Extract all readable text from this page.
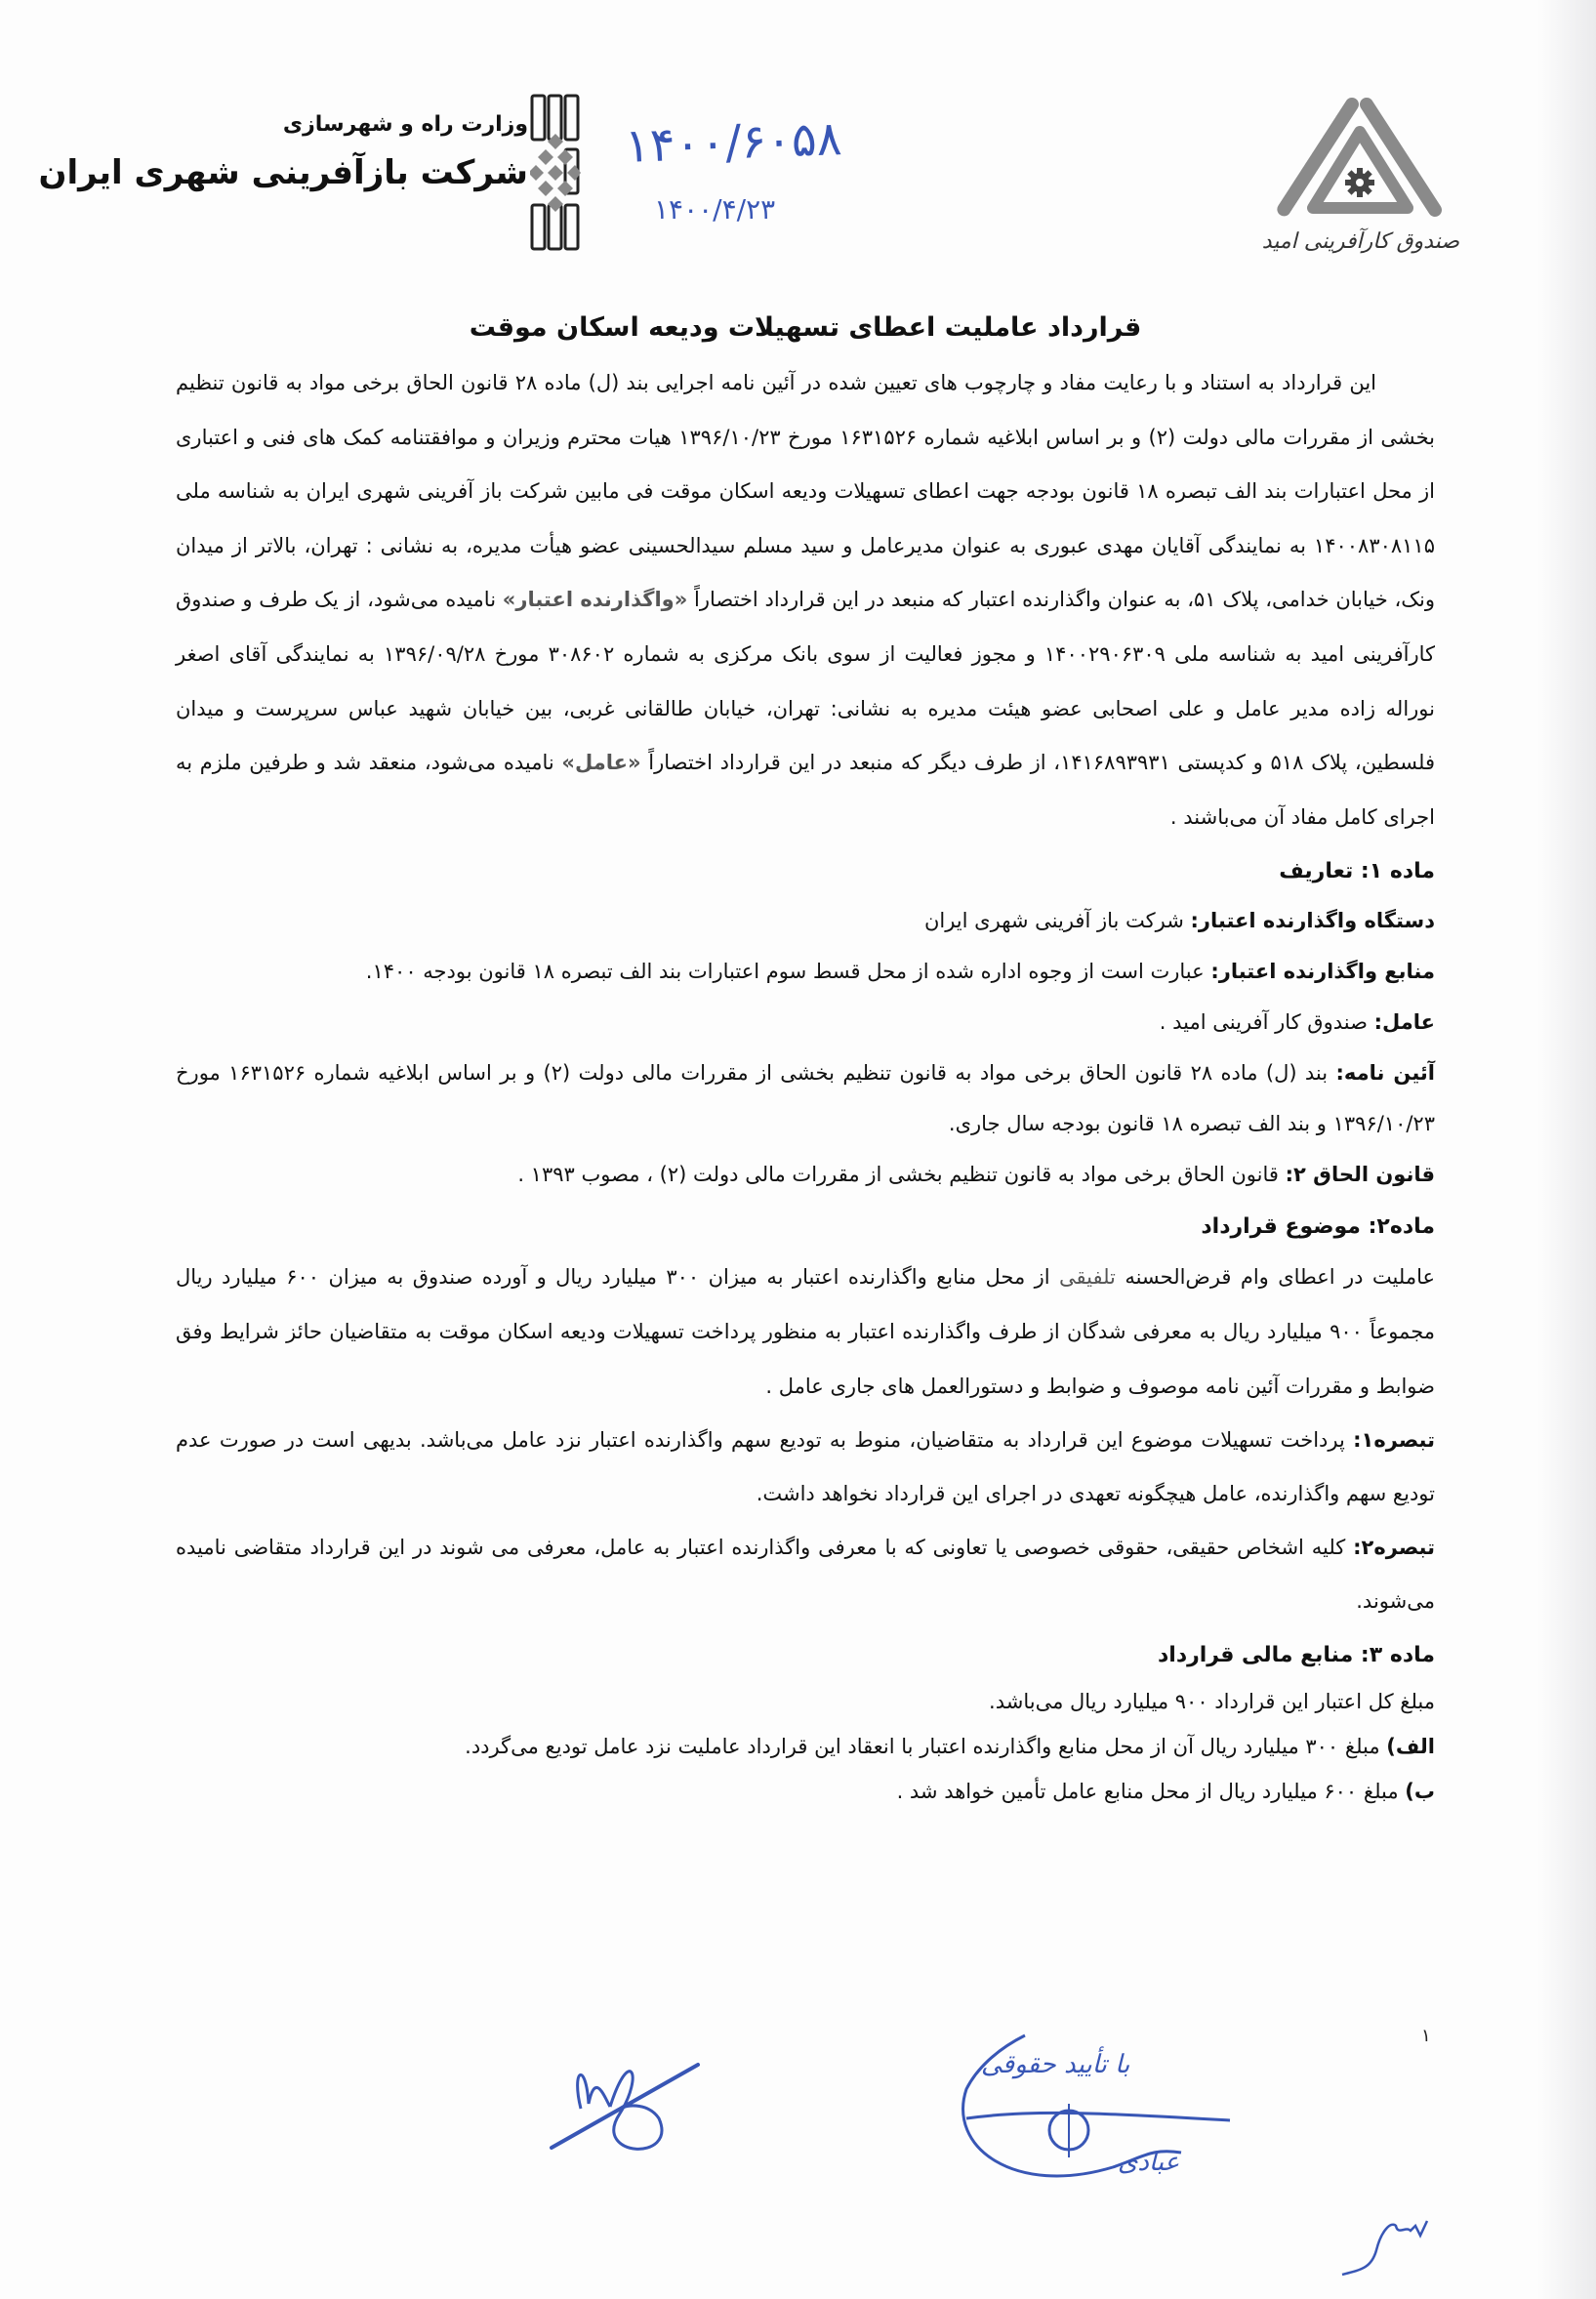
صندوق کارآفرینی امید
وزارت راه و شهرسازی
شرکت بازآفرینی شهری ایران ۱۴۰۰/۶۰۵۸
۱۴۰۰/۴/۲۳
قرارداد عاملیت اعطای تسهیلات ودیعه اسکان موقت

این قرارداد به استناد و با رعایت مفاد و چارچوب های تعیین شده در آئین نامه اجرایی بند (ل) ماده ۲۸ قانون الحاق برخی مواد به قانون تنظیم بخشی از مقررات مالی دولت (۲) و بر اساس ابلاغیه شماره ۱۶۳۱۵۲۶ مورخ ۱۳۹۶/۱۰/۲۳ هیات محترم وزیران و موافقتنامه کمک های فنی و اعتباری از محل اعتبارات بند الف تبصره ۱۸ قانون بودجه جهت اعطای تسهیلات ودیعه اسکان موقت فی مابین شرکت باز آفرینی شهری ایران به شناسه ملی ۱۴۰۰۸۳۰۸۱۱۵ به نمایندگی آقایان مهدی عبوری به عنوان مدیرعامل و سید مسلم سیدالحسینی عضو هیأت مدیره، به نشانی : تهران، بالاتر از میدان ونک، خیابان خدامی، پلاک ۵۱، به عنوان واگذارنده اعتبار که منبعد در این قرارداد اختصاراً «واگذارنده اعتبار» نامیده می‌شود، از یک طرف و صندوق کارآفرینی امید به شناسه ملی ۱۴۰۰۲۹۰۶۳۰۹ و مجوز فعالیت از سوی بانک مرکزی به شماره ۳۰۸۶۰۲ مورخ ۱۳۹۶/۰۹/۲۸ به نمایندگی آقای اصغر نوراله زاده مدیر عامل و علی اصحابی عضو هیئت مدیره به نشانی: تهران، خیابان طالقانی غربی، بین خیابان شهید عباس سرپرست و میدان فلسطین، پلاک ۵۱۸ و کدپستی ۱۴۱۶۸۹۳۹۳۱، از طرف دیگر که منبعد در این قرارداد اختصاراً «عامل» نامیده می‌شود، منعقد شد و طرفین ملزم به اجرای کامل مفاد آن می‌باشند .

ماده ۱: تعاریف

دستگاه واگذارنده اعتبار: شرکت باز آفرینی شهری ایران

منابع واگذارنده اعتبار: عبارت است از وجوه اداره شده از محل قسط سوم اعتبارات بند الف تبصره ۱۸ قانون بودجه ۱۴۰۰.

عامل: صندوق کار آفرینی امید .

آئین نامه: بند (ل) ماده ۲۸ قانون الحاق برخی مواد به قانون تنظیم بخشی از مقررات مالی دولت (۲) و بر اساس ابلاغیه شماره ۱۶۳۱۵۲۶ مورخ ۱۳۹۶/۱۰/۲۳ و بند الف تبصره ۱۸ قانون بودجه سال جاری.

قانون الحاق ۲: قانون الحاق برخی مواد به قانون تنظیم بخشی از مقررات مالی دولت (۲) ، مصوب ۱۳۹۳ .

ماده۲: موضوع قرارداد

عاملیت در اعطای وام قرض‌الحسنه تلفیقی از محل منابع واگذارنده اعتبار به میزان ۳۰۰ میلیارد ریال و آورده صندوق به میزان ۶۰۰ میلیارد ریال مجموعاً ۹۰۰ میلیارد ریال به معرفی شدگان از طرف واگذارنده اعتبار به منظور پرداخت تسهیلات ودیعه اسکان موقت به متقاضیان حائز شرایط وفق ضوابط و مقررات آئین نامه موصوف و ضوابط و دستورالعمل های جاری عامل .

تبصره۱: پرداخت تسهیلات موضوع این قرارداد به متقاضیان، منوط به توديع سهم واگذارنده اعتبار نزد عامل می‌باشد. بدیهی است در صورت عدم توديع سهم واگذارنده، عامل هیچگونه تعهدی در اجرای این قرارداد نخواهد داشت.

تبصره۲: کلیه اشخاص حقیقی، حقوقی خصوصی یا تعاونی که با معرفی واگذارنده اعتبار به عامل، معرفی می شوند در این قرارداد متقاضی نامیده می‌شوند.

ماده ۳: منابع مالی قرارداد

مبلغ کل اعتبار این قرارداد ۹۰۰ میلیارد ریال می‌باشد.

الف) مبلغ ۳۰۰ میلیارد ریال آن از محل منابع واگذارنده اعتبار با انعقاد این قرارداد عاملیت نزد عامل توديع می‌گردد.

ب) مبلغ ۶۰۰ میلیارد ریال از محل منابع عامل تأمین خواهد شد .

۱
با تأیید حقوقی
عبادی
